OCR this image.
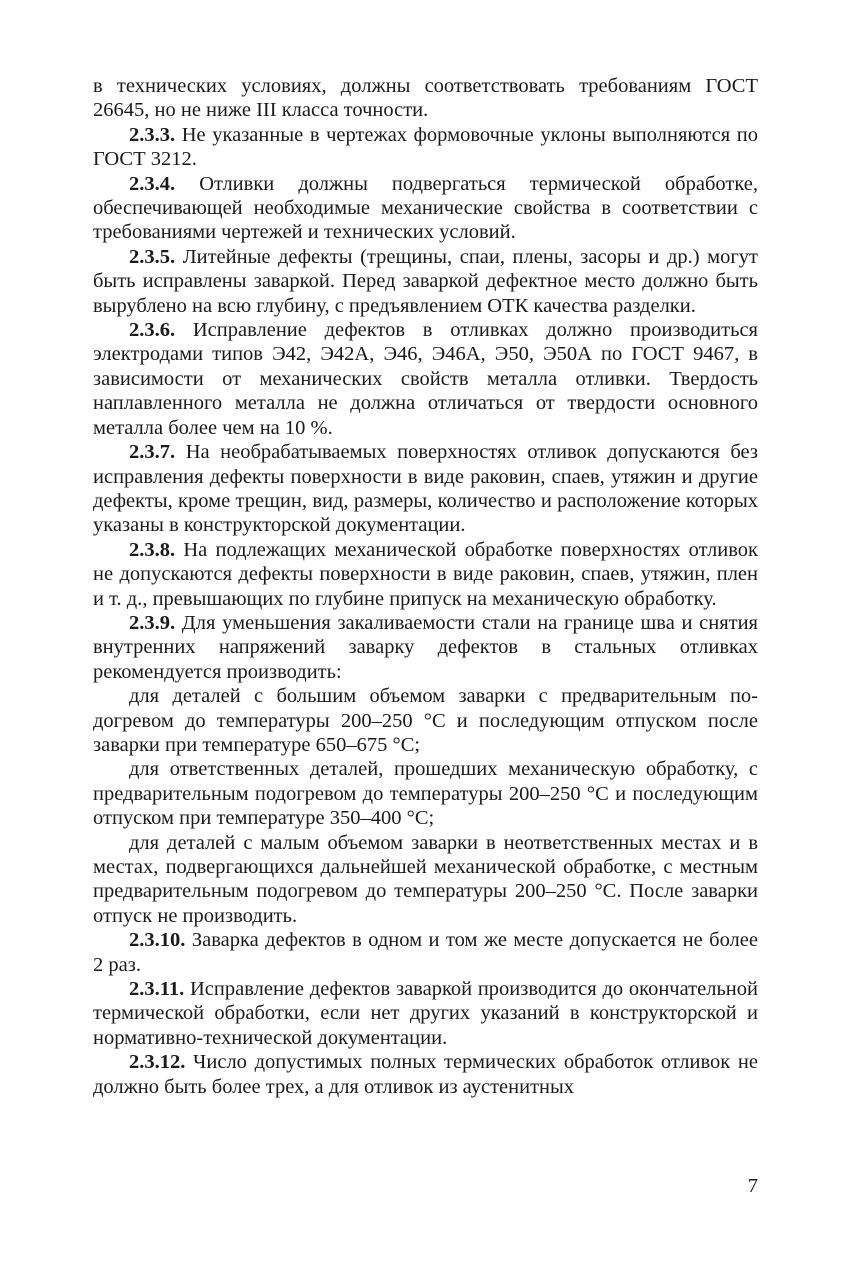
в технических условиях, должны соответствовать требованиям ГОСТ 26645, но не ниже III класса точности.

2.3.3. Не указанные в чертежах формовочные уклоны выполняются по ГОСТ 3212.

2.3.4. Отливки должны подвергаться термической обработке, обеспечивающей необходимые механические свойства в соответствии с требованиями чертежей и технических условий.

2.3.5. Литейные дефекты (трещины, спаи, плены, засоры и др.) могут быть исправлены заваркой. Перед заваркой дефектное место должно быть вырублено на всю глубину, с предъявлением ОТК качества разделки.

2.3.6. Исправление дефектов в отливках должно производиться электродами типов Э42, Э42А, Э46, Э46А, Э50, Э50А по ГОСТ 9467, в зависимости от механических свойств металла отливки. Твердость наплавленного металла не должна отличаться от твердости основного металла более чем на 10 %.

2.3.7. На необрабатываемых поверхностях отливок допускаются без исправления дефекты поверхности в виде раковин, спаев, утяжин и другие дефекты, кроме трещин, вид, размеры, количество и расположение которых указаны в конструкторской документации.

2.3.8. На подлежащих механической обработке поверхностях отливок не допускаются дефекты поверхности в виде раковин, спаев, утяжин, плен и т. д., превышающих по глубине припуск на механическую обработку.

2.3.9. Для уменьшения закаливаемости стали на границе шва и снятия внутренних напряжений заварку дефектов в стальных отливках рекомендуется производить:

для деталей с большим объемом заварки с предварительным подогревом до температуры 200–250 °С и последующим отпуском после заварки при температуре 650–675 °С;

для ответственных деталей, прошедших механическую обработку, с предварительным подогревом до температуры 200–250 °С и последующим отпуском при температуре 350–400 °С;

для деталей с малым объемом заварки в неответственных местах и в местах, подвергающихся дальнейшей механической обработке, с местным предварительным подогревом до температуры 200–250 °С. После заварки отпуск не производить.

2.3.10. Заварка дефектов в одном и том же месте допускается не более 2 раз.

2.3.11. Исправление дефектов заваркой производится до окончательной термической обработки, если нет других указаний в конструкторской и нормативно-технической документации.

2.3.12. Число допустимых полных термических обработок отливок не должно быть более трех, а для отливок из аустенитных

7
